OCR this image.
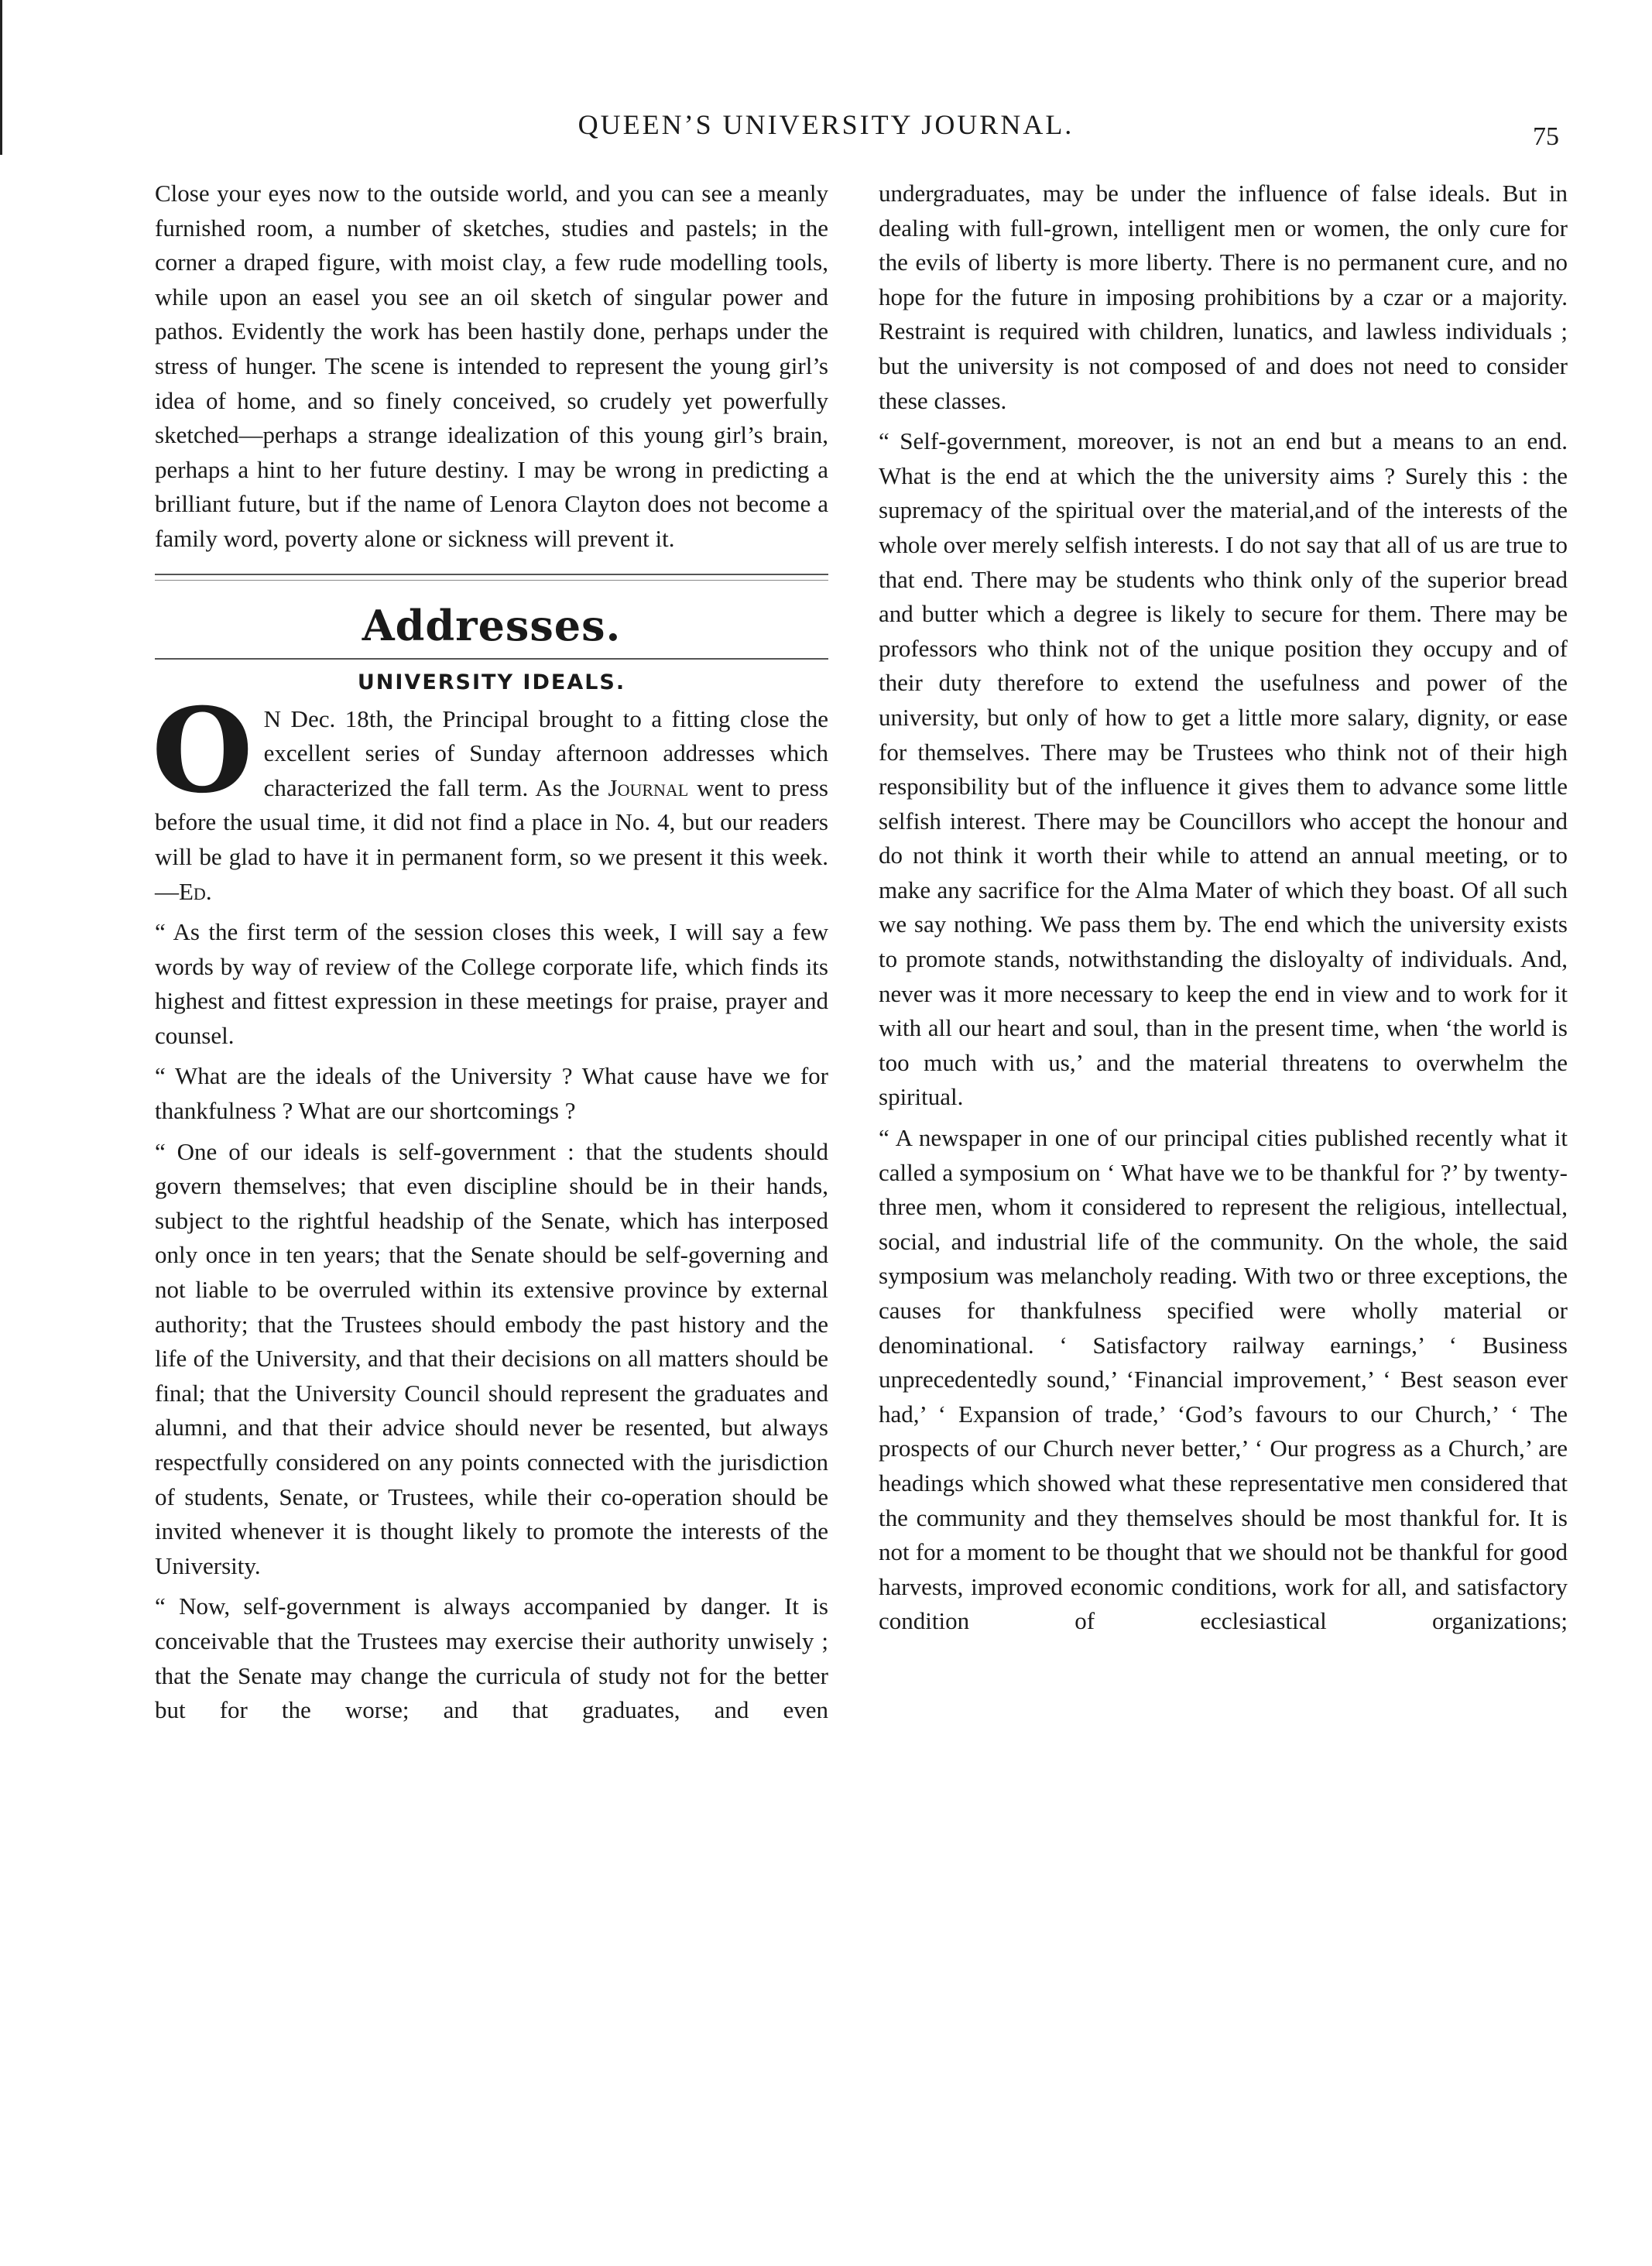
QUEEN’S UNIVERSITY JOURNAL.	75

Close your eyes now to the outside world, and you can see a meanly furnished room, a number of sketches, studies and pastels; in the corner a draped figure, with moist clay, a few rude modelling tools, while upon an easel you see an oil sketch of singular power and pathos. Evidently the work has been hastily done, perhaps under the stress of hunger. The scene is intended to represent the young girl’s idea of home, and so finely conceived, so crudely yet powerfully sketched—perhaps a strange idealization of this young girl’s brain, perhaps a hint to her future destiny. I may be wrong in predicting a brilliant future, but if the name of Lenora Clayton does not become a family word, poverty alone or sickness will prevent it.

Addresses.
UNIVERSITY IDEALS.

O N Dec. 18th, the Principal brought to a fitting close the excellent series of Sunday afternoon addresses which characterized the fall term. As the Journal went to press before the usual time, it did not find a place in No. 4, but our readers will be glad to have it in permanent form, so we present it this week.—Ed.

“ As the first term of the session closes this week, I will say a few words by way of review of the College corporate life, which finds its highest and fittest expression in these meetings for praise, prayer and counsel.

“ What are the ideals of the University ? What cause have we for thankfulness ? What are our shortcomings ?

“ One of our ideals is self-government : that the students should govern themselves; that even discipline should be in their hands, subject to the rightful headship of the Senate, which has interposed only once in ten years; that the Senate should be self-governing and not liable to be overruled within its extensive province by external authority; that the Trustees should embody the past history and the life of the University, and that their decisions on all matters should be final; that the University Council should represent the graduates and alumni, and that their advice should never be resented, but always respectfully considered on any points connected with the jurisdiction of students, Senate, or Trustees, while their co-operation should be invited whenever it is thought likely to promote the interests of the University.

“ Now, self-government is always accompanied by danger. It is conceivable that the Trustees may exercise their authority unwisely ; that the Senate may change the curricula of study not for the better but for the worse; and that graduates, and even

undergraduates, may be under the influence of false ideals. But in dealing with full-grown, intelligent men or women, the only cure for the evils of liberty is more liberty. There is no permanent cure, and no hope for the future in imposing prohibitions by a czar or a majority. Restraint is required with children, lunatics, and lawless individuals ; but the university is not composed of and does not need to consider these classes.

“ Self-government, moreover, is not an end but a means to an end. What is the end at which the the university aims ? Surely this : the supremacy of the spiritual over the material,and of the interests of the whole over merely selfish interests. I do not say that all of us are true to that end. There may be students who think only of the superior bread and butter which a degree is likely to secure for them. There may be professors who think not of the unique position they occupy and of their duty therefore to extend the usefulness and power of the university, but only of how to get a little more salary, dignity, or ease for themselves. There may be Trustees who think not of their high responsibility but of the influence it gives them to advance some little selfish interest. There may be Councillors who accept the honour and do not think it worth their while to attend an annual meeting, or to make any sacrifice for the Alma Mater of which they boast. Of all such we say nothing. We pass them by. The end which the university exists to promote stands, notwithstanding the disloyalty of individuals. And, never was it more necessary to keep the end in view and to work for it with all our heart and soul, than in the present time, when ‘the world is too much with us,’ and the material threatens to overwhelm the spiritual.

“ A newspaper in one of our principal cities published recently what it called a symposium on ‘ What have we to be thankful for ?’ by twenty-three men, whom it considered to represent the religious, intellectual, social, and industrial life of the community. On the whole, the said symposium was melancholy reading. With two or three exceptions, the causes for thankfulness specified were wholly material or denominational. ‘ Satisfactory railway earnings,’ ‘ Business unprecedentedly sound,’ ‘Financial improvement,’ ‘ Best season ever had,’ ‘ Expansion of trade,’ ‘God’s favours to our Church,’ ‘ The prospects of our Church never better,’ ‘ Our progress as a Church,’ are headings which showed what these representative men considered that the community and they themselves should be most thankful for. It is not for a moment to be thought that we should not be thankful for good harvests, improved economic conditions, work for all, and satisfactory condition of ecclesiastical organizations;
